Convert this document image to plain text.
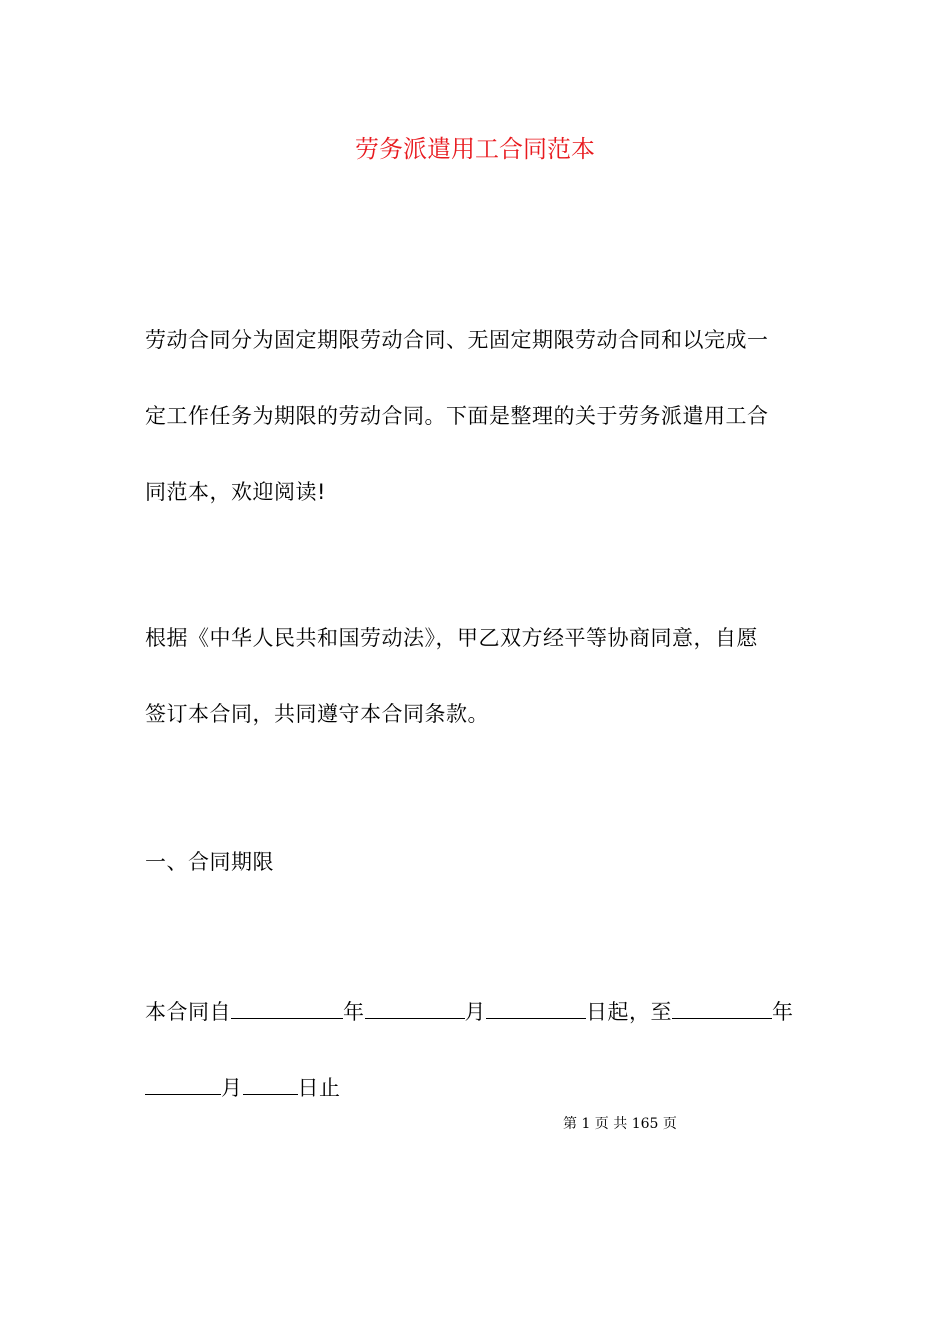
劳务派遣用工合同范本
劳动合同分为固定期限劳动合同、无固定期限劳动合同和以完成一
定工作任务为期限的劳动合同。下面是整理的关于劳务派遣用工合
同范本，欢迎阅读!
根据《中华人民共和国劳动法》，甲乙双方经平等协商同意，自愿
签订本合同，共同遵守本合同条款。
一、合同期限
本合同自	年	月	日起，至	年
月	日止
第 1 页 共 165 页
